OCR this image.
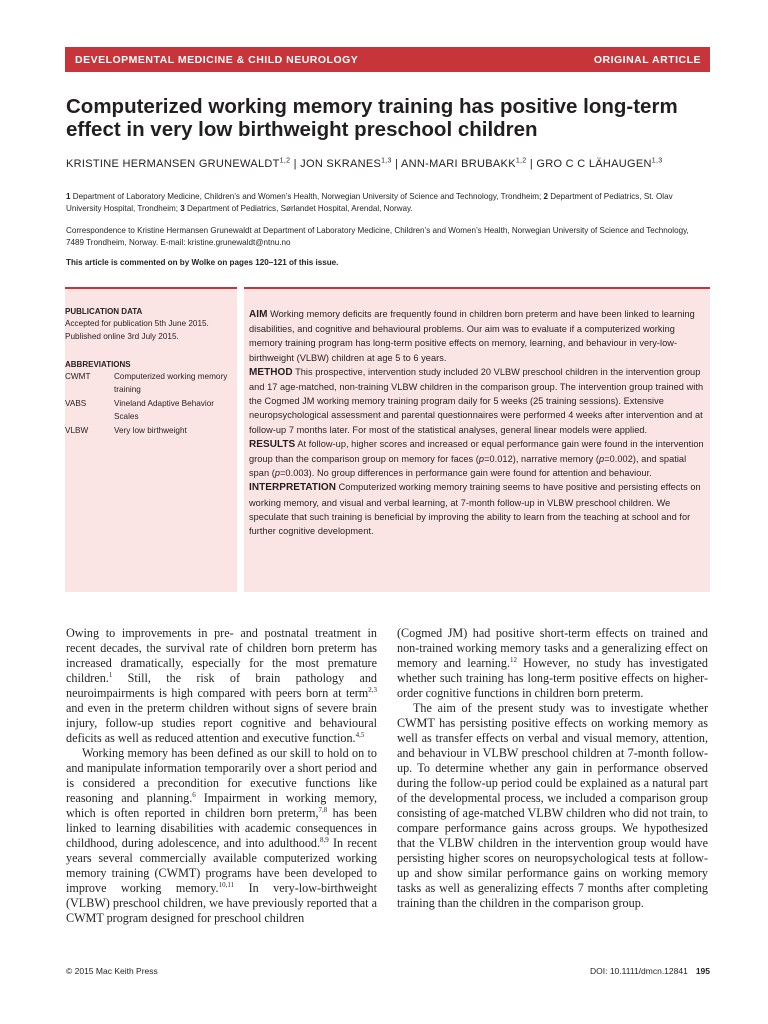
DEVELOPMENTAL MEDICINE & CHILD NEUROLOGY	ORIGINAL ARTICLE
Computerized working memory training has positive long-term effect in very low birthweight preschool children
KRISTINE HERMANSEN GRUNEWALDT$^{1,2}$ | JON SKRANES$^{1,3}$ | ANN-MARI BRUBAKK$^{1,2}$ | GRO C C LÄHAUGEN$^{1,3}$
1 Department of Laboratory Medicine, Children’s and Women’s Health, Norwegian University of Science and Technology, Trondheim; 2 Department of Pediatrics, St. Olav University Hospital, Trondheim; 3 Department of Pediatrics, Sørlandet Hospital, Arendal, Norway.
Correspondence to Kristine Hermansen Grunewaldt at Department of Laboratory Medicine, Children’s and Women’s Health, Norwegian University of Science and Technology, 7489 Trondheim, Norway. E-mail: kristine.grunewaldt@ntnu.no
This article is commented on by Wolke on pages 120–121 of this issue.

PUBLICATION DATA

Accepted for publication 5th June 2015.

Published online 3rd July 2015.

ABBREVIATIONS

CWMT	Computerized working memory training
VABS	Vineland Adaptive Behavior Scales
VLBW	Very low birthweight

AIM Working memory deficits are frequently found in children born preterm and have been linked to learning disabilities, and cognitive and behavioural problems. Our aim was to evaluate if a computerized working memory training program has long-term positive effects on memory, learning, and behaviour in very-low-birthweight (VLBW) children at age 5 to 6 years.
METHOD This prospective, intervention study included 20 VLBW preschool children in the intervention group and 17 age-matched, non-training VLBW children in the comparison group. The intervention group trained with the Cogmed JM working memory training program daily for 5 weeks (25 training sessions). Extensive neuropsychological assessment and parental questionnaires were performed 4 weeks after intervention and at follow-up 7 months later. For most of the statistical analyses, general linear models were applied.
RESULTS At follow-up, higher scores and increased or equal performance gain were found in the intervention group than the comparison group on memory for faces (p=0.012), narrative memory (p=0.002), and spatial span (p=0.003). No group differences in performance gain were found for attention and behaviour.
INTERPRETATION Computerized working memory training seems to have positive and persisting effects on working memory, and visual and verbal learning, at 7-month follow-up in VLBW preschool children. We speculate that such training is beneficial by improving the ability to learn from the teaching at school and for further cognitive development.

Owing to improvements in pre- and postnatal treatment in recent decades, the survival rate of children born preterm has increased dramatically, especially for the most premature children.$^1$ Still, the risk of brain pathology and neuroimpairments is high compared with peers born at term$^{2,3}$ and even in the preterm children without signs of severe brain injury, follow-up studies report cognitive and behavioural deficits as well as reduced attention and executive function.$^{4,5}$

Working memory has been defined as our skill to hold on to and manipulate information temporarily over a short period and is considered a precondition for executive functions like reasoning and planning.$^6$ Impairment in working memory, which is often reported in children born preterm,$^{7,8}$ has been linked to learning disabilities with academic consequences in childhood, during adolescence, and into adulthood.$^{8,9}$ In recent years several commercially available computerized working memory training (CWMT) programs have been developed to improve working memory.$^{10,11}$ In very-low-birthweight (VLBW) preschool children, we have previously reported that a CWMT program designed for preschool children

(Cogmed JM) had positive short-term effects on trained and non-trained working memory tasks and a generalizing effect on memory and learning.$^{12}$ However, no study has investigated whether such training has long-term positive effects on higher-order cognitive functions in children born preterm.

The aim of the present study was to investigate whether CWMT has persisting positive effects on working memory as well as transfer effects on verbal and visual memory, attention, and behaviour in VLBW preschool children at 7-month follow-up. To determine whether any gain in performance observed during the follow-up period could be explained as a natural part of the developmental process, we included a comparison group consisting of age-matched VLBW children who did not train, to compare performance gains across groups. We hypothesized that the VLBW children in the intervention group would have persisting higher scores on neuropsychological tests at follow-up and show similar performance gains on working memory tasks as well as generalizing effects 7 months after completing training than the children in the comparison group.

© 2015 Mac Keith Press	DOI: 10.1111/dmcn.12841 195
